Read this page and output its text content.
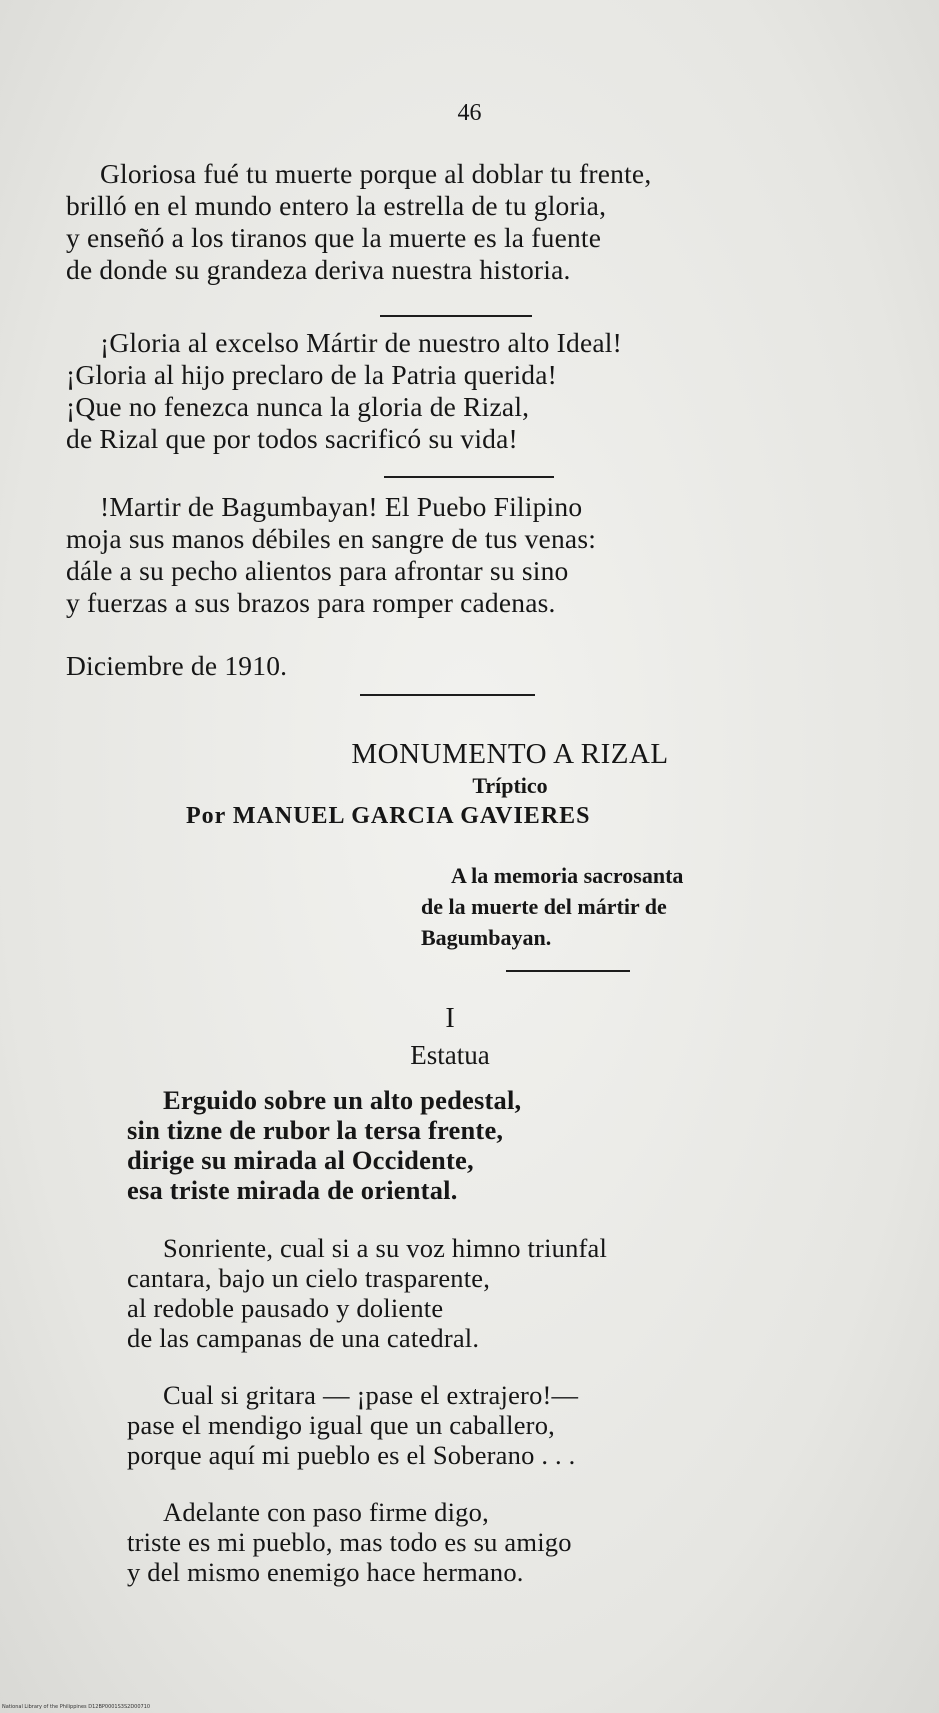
46
Gloriosa fué tu muerte porque al doblar tu frente,
brilló en el mundo entero la estrella de tu gloria,
y enseñó a los tiranos que la muerte es la fuente
de donde su grandeza deriva nuestra historia.
¡Gloria al excelso Mártir de nuestro alto Ideal!
¡Gloria al hijo preclaro de la Patria querida!
¡Que no fenezca nunca la gloria de Rizal,
de Rizal que por todos sacrificó su vida!
!Martir de Bagumbayan! El Puebo Filipino
moja sus manos débiles en sangre de tus venas:
dále a su pecho alientos para afrontar su sino
y fuerzas a sus brazos para romper cadenas.
Diciembre de 1910.
MONUMENTO A RIZAL
Tríptico
Por MANUEL GARCIA GAVIERES
A la memoria sacrosanta
de la muerte del mártir de
Bagumbayan.
I
Estatua
Erguido sobre un alto pedestal,
sin tizne de rubor la tersa frente,
dirige su mirada al Occidente,
esa triste mirada de oriental.
Sonriente, cual si a su voz himno triunfal
cantara, bajo un cielo trasparente,
al redoble pausado y doliente
de las campanas de una catedral.
Cual si gritara — ¡pase el extrajero!—
pase el mendigo igual que un caballero,
porque aquí mi pueblo es el Soberano . . .
Adelante con paso firme digo,
triste es mi pueblo, mas todo es su amigo
y del mismo enemigo hace hermano.
National Library of the Philippines D12BP0001S3S2D00710
